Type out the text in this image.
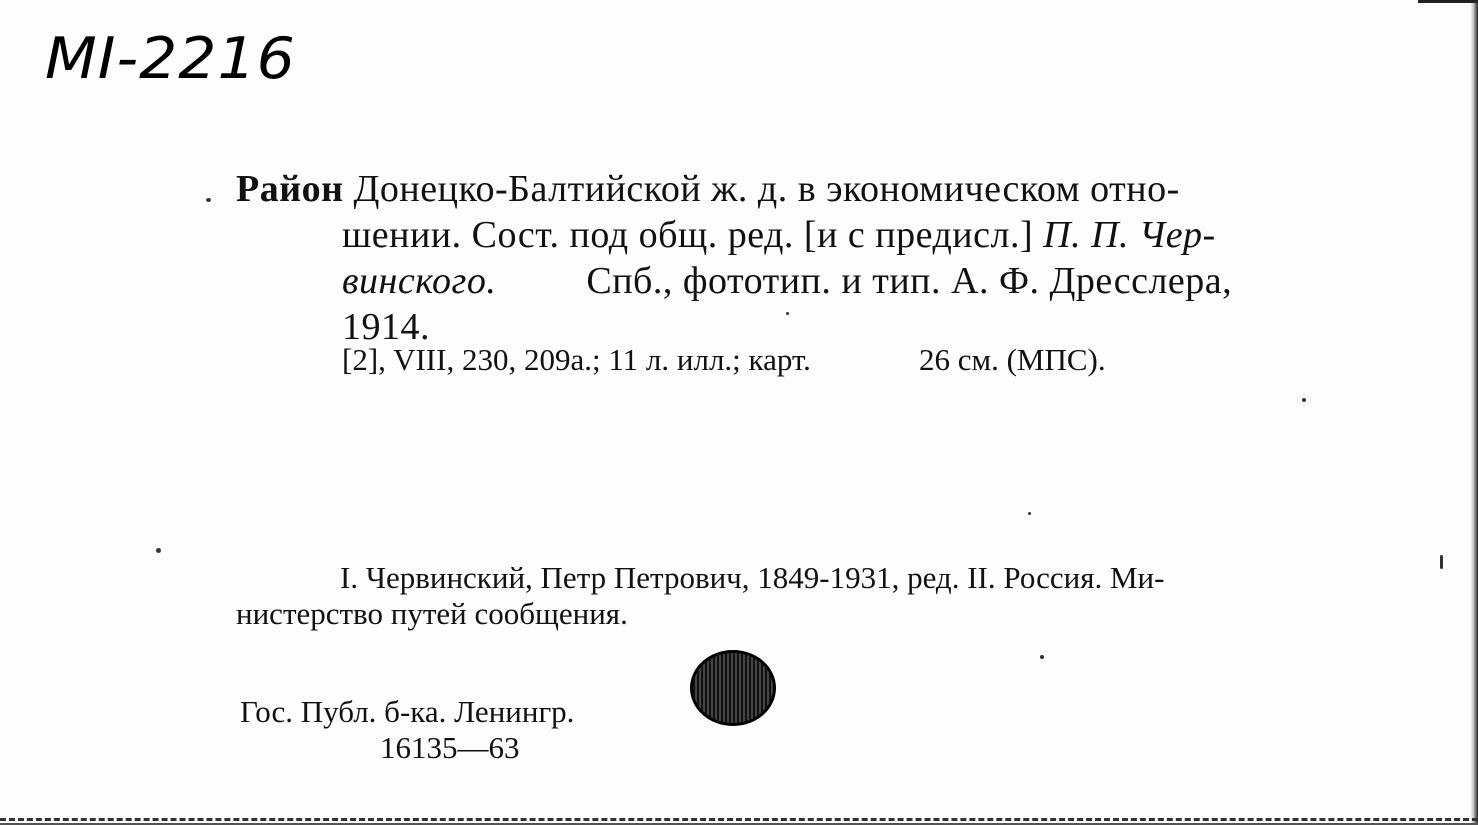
MI-2216
Район Донецко-Балтийской ж. д. в экономическом отно-
шении. Сост. под общ. ред. [и с предисл.] П. П. Чер-
винского. Спб., фототип. и тип. А. Ф. Дресслера,
1914.
[2], VIII, 230, 209а.; 11 л. илл.; карт.	26 см. (МПС).
I. Червинский, Петр Петрович, 1849-1931, ред. II. Россия. Ми-
нистерство путей сообщения.
Гос. Публ. б-ка. Ленингр.
16135—63
